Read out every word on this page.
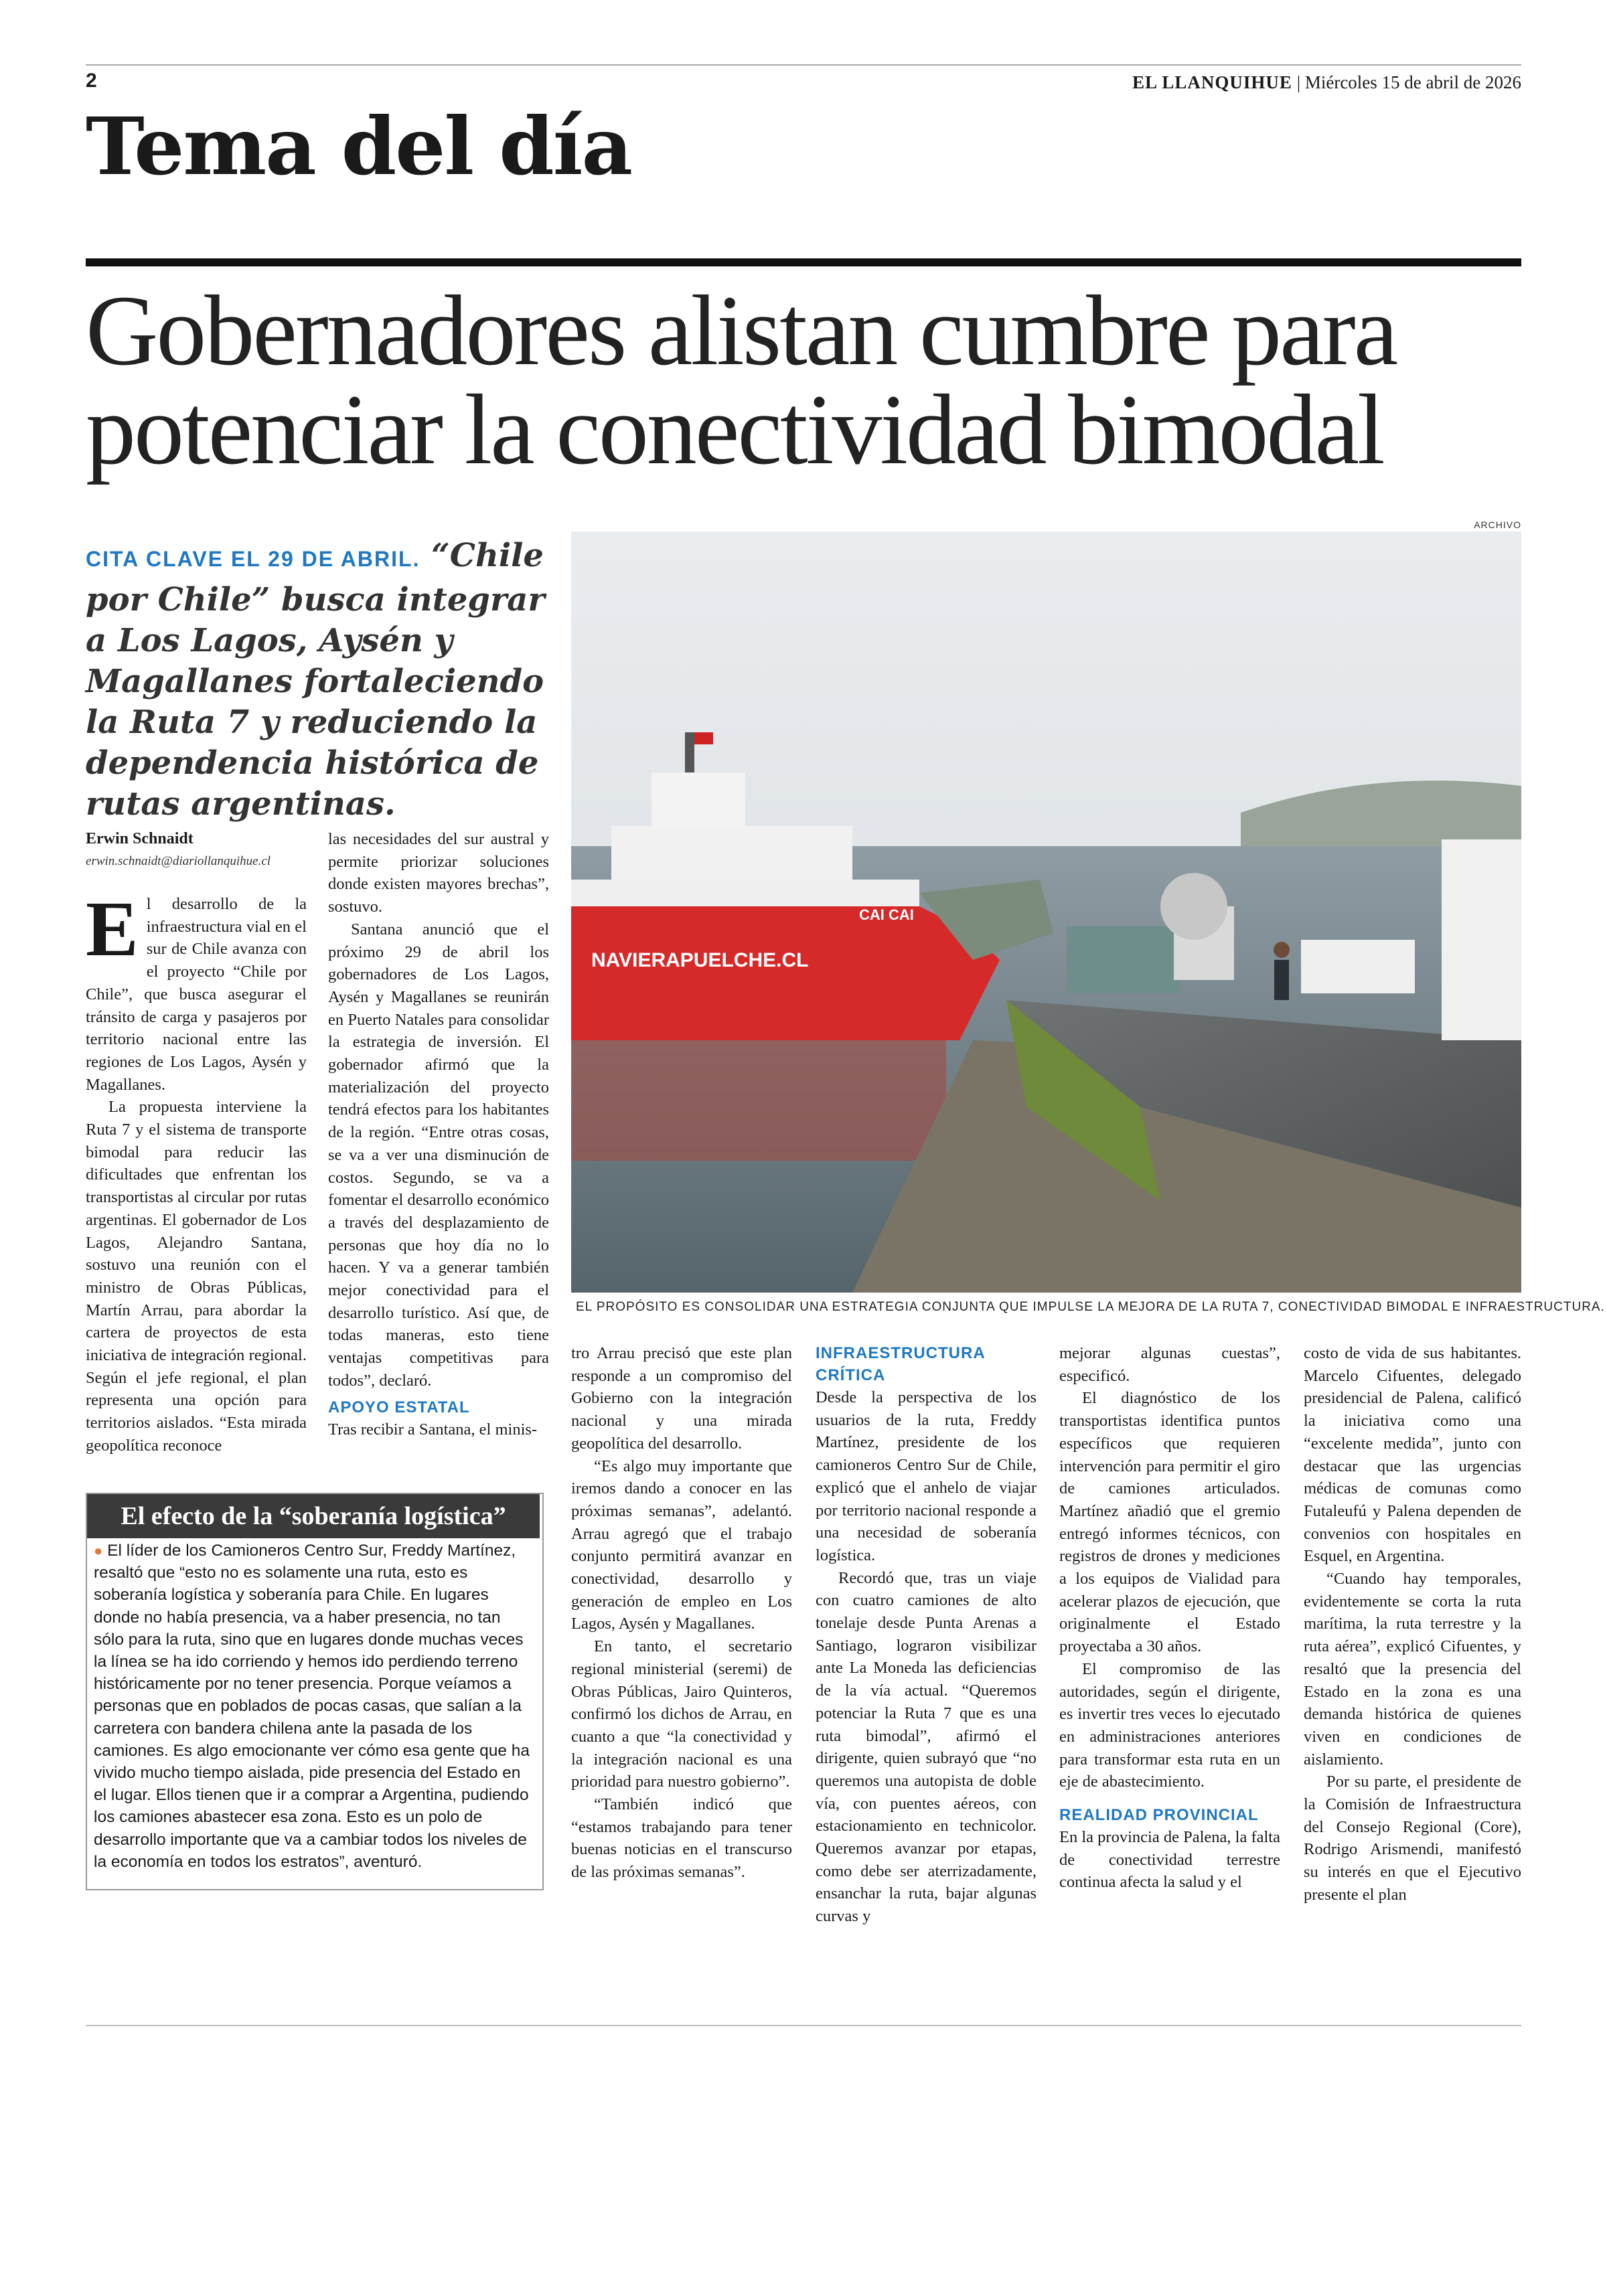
2	EL LLANQUIHUE | Miércoles 15 de abril de 2026
Tema del día
Gobernadores alistan cumbre para potenciar la conectividad bimodal
CITA CLAVE EL 29 DE ABRIL. “Chile por Chile” busca integrar a Los Lagos, Aysén y Magallanes fortaleciendo la Ruta 7 y reduciendo la dependencia histórica de rutas argentinas.
ARCHIVO
NAVIERAPUELCHE.CL
CAI CAI
EL PROPÓSITO ES CONSOLIDAR UNA ESTRATEGIA CONJUNTA QUE IMPULSE LA MEJORA DE LA RUTA 7, CONECTIVIDAD BIMODAL E INFRAESTRUCTURA.
Erwin Schnaidt
erwin.schnaidt@diariollanquihue.cl

El desarrollo de la infraestructura vial en el sur de Chile avanza con el proyecto “Chile por Chile”, que busca asegurar el tránsito de carga y pasajeros por territorio nacional entre las regiones de Los Lagos, Aysén y Magallanes.

La propuesta interviene la Ruta 7 y el sistema de transporte bimodal para reducir las dificultades que enfrentan los transportistas al circular por rutas argentinas. El gobernador de Los Lagos, Alejandro Santana, sostuvo una reunión con el ministro de Obras Públicas, Martín Arrau, para abordar la cartera de proyectos de esta iniciativa de integración regional. Según el jefe regional, el plan representa una opción para territorios aislados. “Esta mirada geopolítica reconoce

las necesidades del sur austral y permite priorizar soluciones donde existen mayores brechas”, sostuvo.

Santana anunció que el próximo 29 de abril los gobernadores de Los Lagos, Aysén y Magallanes se reunirán en Puerto Natales para consolidar la estrategia de inversión. El gobernador afirmó que la materialización del proyecto tendrá efectos para los habitantes de la región. “Entre otras cosas, se va a ver una disminución de costos. Segundo, se va a fomentar el desarrollo económico a través del desplazamiento de personas que hoy día no lo hacen. Y va a generar también mejor conectividad para el desarrollo turístico. Así que, de todas maneras, esto tiene ventajas competitivas para todos”, declaró.

APOYO ESTATAL

Tras recibir a Santana, el minis-

tro Arrau precisó que este plan responde a un compromiso del Gobierno con la integración nacional y una mirada geopolítica del desarrollo.

“Es algo muy importante que iremos dando a conocer en las próximas semanas”, adelantó. Arrau agregó que el trabajo conjunto permitirá avanzar en conectividad, desarrollo y generación de empleo en Los Lagos, Aysén y Magallanes.

En tanto, el secretario regional ministerial (seremi) de Obras Públicas, Jairo Quinteros, confirmó los dichos de Arrau, en cuanto a que “la conectividad y la integración nacional es una prioridad para nuestro gobierno”.

“También indicó que “estamos trabajando para tener buenas noticias en el transcurso de las próximas semanas”.

INFRAESTRUCTURA CRÍTICA

Desde la perspectiva de los usuarios de la ruta, Freddy Martínez, presidente de los camioneros Centro Sur de Chile, explicó que el anhelo de viajar por territorio nacional responde a una necesidad de soberanía logística.

Recordó que, tras un viaje con cuatro camiones de alto tonelaje desde Punta Arenas a Santiago, lograron visibilizar ante La Moneda las deficiencias de la vía actual. “Queremos potenciar la Ruta 7 que es una ruta bimodal”, afirmó el dirigente, quien subrayó que “no queremos una autopista de doble vía, con puentes aéreos, con estacionamiento en technicolor. Queremos avanzar por etapas, como debe ser aterrizadamente, ensanchar la ruta, bajar algunas curvas y

mejorar algunas cuestas”, especificó.

El diagnóstico de los transportistas identifica puntos específicos que requieren intervención para permitir el giro de camiones articulados. Martínez añadió que el gremio entregó informes técnicos, con registros de drones y mediciones a los equipos de Vialidad para acelerar plazos de ejecución, que originalmente el Estado proyectaba a 30 años.

El compromiso de las autoridades, según el dirigente, es invertir tres veces lo ejecutado en administraciones anteriores para transformar esta ruta en un eje de abastecimiento.

REALIDAD PROVINCIAL

En la provincia de Palena, la falta de conectividad terrestre continua afecta la salud y el

costo de vida de sus habitantes. Marcelo Cifuentes, delegado presidencial de Palena, calificó la iniciativa como una “excelente medida”, junto con destacar que las urgencias médicas de comunas como Futaleufú y Palena dependen de convenios con hospitales en Esquel, en Argentina.

“Cuando hay temporales, evidentemente se corta la ruta marítima, la ruta terrestre y la ruta aérea”, explicó Cifuentes, y resaltó que la presencia del Estado en la zona es una demanda histórica de quienes viven en condiciones de aislamiento.

Por su parte, el presidente de la Comisión de Infraestructura del Consejo Regional (Core), Rodrigo Arismendi, manifestó su interés en que el Ejecutivo presente el plan

El efecto de la “soberanía logística”
● El líder de los Camioneros Centro Sur, Freddy Martínez, resaltó que “esto no es solamente una ruta, esto es soberanía logística y soberanía para Chile. En lugares donde no había presencia, va a haber presencia, no tan sólo para la ruta, sino que en lugares donde muchas veces la línea se ha ido corriendo y hemos ido perdiendo terreno históricamente por no tener presencia. Porque veíamos a personas que en poblados de pocas casas, que salían a la carretera con bandera chilena ante la pasada de los camiones. Es algo emocionante ver cómo esa gente que ha vivido mucho tiempo aislada, pide presencia del Estado en el lugar. Ellos tienen que ir a comprar a Argentina, pudiendo los camiones abastecer esa zona. Esto es un polo de desarrollo importante que va a cambiar todos los niveles de la economía en todos los estratos”, aventuró.
